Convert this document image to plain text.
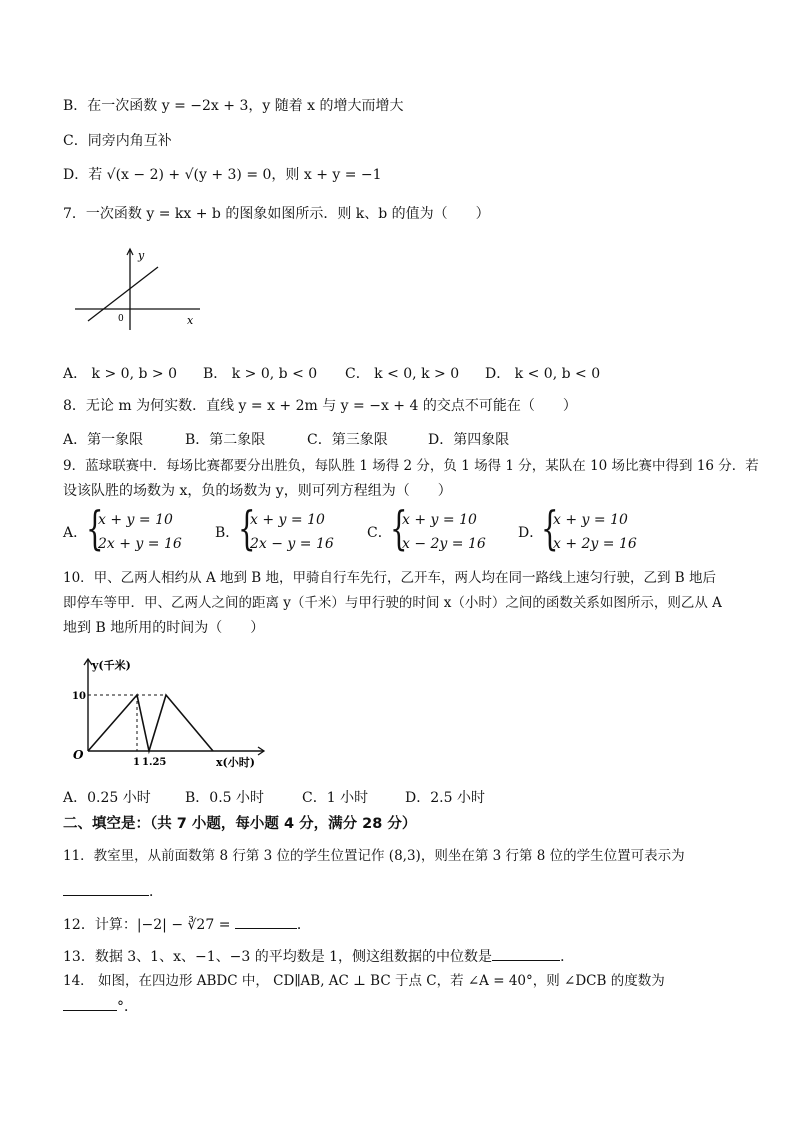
B．在一次函数 y = −2x + 3，y 随着 x 的增大而增大
C．同旁内角互补
D．若 √(x − 2) + √(y + 3) = 0，则 x + y = −1
7．一次函数 y = kx + b 的图象如图所示．则 k、b 的值为（　　）
y
0	x
A． k > 0, b > 0 B． k > 0, b < 0 C． k < 0, k > 0 D． k < 0, b < 0
8．无论 m 为何实数．直线 y = x + 2m 与 y = −x + 4 的交点不可能在（　　）
A．第一象限	B．第二象限	C．第三象限	D．第四象限
9．蓝球联赛中．每场比赛都要分出胜负，每队胜 1 场得 2 分，负 1 场得 1 分，某队在 10 场比赛中得到 16 分．若
设该队胜的场数为 x，负的场数为 y，则可列方程组为（　　）
A．
{
x + y = 10
2x + y = 16
B．
{
x + y = 10
2x − y = 16
C．
{
x + y = 10
x − 2y = 16
D．
{
x + y = 10
x + 2y = 16
10．甲、乙两人相约从 A 地到 B 地，甲骑自行车先行，乙开车，两人均在同一路线上速匀行驶，乙到 B 地后
即停车等甲．甲、乙两人之间的距离 y（千米）与甲行驶的时间 x（小时）之间的函数关系如图所示，则乙从 A
地到 B 地所用的时间为（　　）
y(千米)
10
O
1 1.25	x(小时)
A．0.25 小时 B．0.5 小时	C．1 小时	D．2.5 小时
二、填空是：（共 7 小题，每小题 4 分，满分 28 分）
11．教室里，从前面数第 8 行第 3 位的学生位置记作 (8,3)，则坐在第 3 行第 8 位的学生位置可表示为
．
12．计算：|−2| − ∛27 =	．
13．数据 3、1、x、−1、−3 的平均数是 1，侧这组数据的中位数是	．
14． 如图，在四边形 ABDC 中， CD∥AB, AC ⊥ BC 于点 C，若 ∠A = 40°，则 ∠DCB 的度数为
°．
